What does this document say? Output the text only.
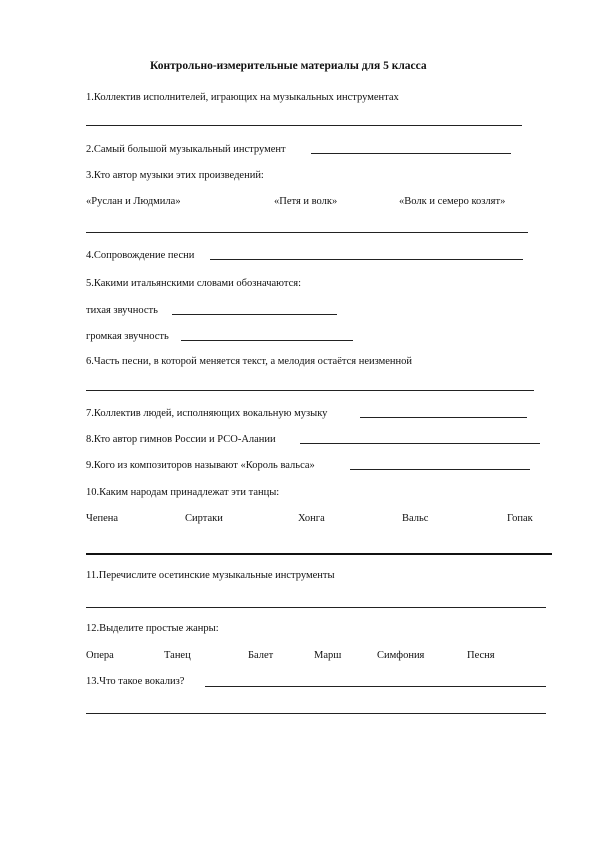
Контрольно-измерительные материалы для 5 класса
1.Коллектив исполнителей, играющих на музыкальных инструментах
2.Самый большой музыкальный инструмент
3.Кто автор музыки этих произведений:
«Руслан и Людмила»	«Петя и волк»	«Волк и семеро козлят»
4.Сопровождение песни
5.Какими итальянскими словами обозначаются:
тихая звучность
громкая звучность
6.Часть песни, в которой меняется текст, а мелодия остаётся неизменной
7.Коллектив людей, исполняющих вокальную музыку
8.Кто автор гимнов России и РСО-Алании
9.Кого из композиторов называют «Король вальса»
10.Каким народам принадлежат эти танцы:
Чепена	Сиртаки	Хонга	Вальс	Гопак
11.Перечислите осетинские музыкальные инструменты
12.Выделите простые жанры:
Опера	Танец	Балет	Марш	Симфония	Песня
13.Что такое вокализ?
